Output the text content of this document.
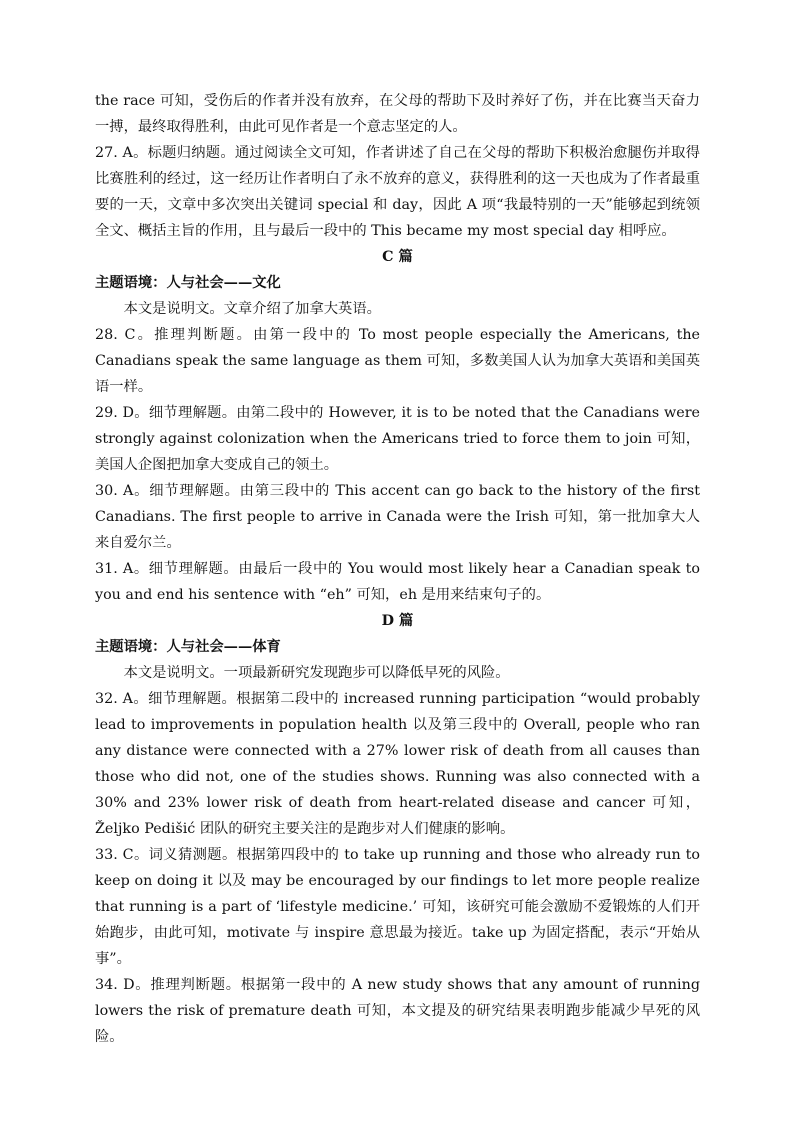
the race 可知，受伤后的作者并没有放弃，在父母的帮助下及时养好了伤，并在比赛当天奋力一搏，最终取得胜利，由此可见作者是一个意志坚定的人。

27. A。标题归纳题。通过阅读全文可知，作者讲述了自己在父母的帮助下积极治愈腿伤并取得比赛胜利的经过，这一经历让作者明白了永不放弃的意义，获得胜利的这一天也成为了作者最重要的一天，文章中多次突出关键词 special 和 day，因此 A 项“我最特别的一天”能够起到统领全文、概括主旨的作用，且与最后一段中的 This became my most special day 相呼应。

C 篇

主题语境：人与社会——文化

本文是说明文。文章介绍了加拿大英语。

28. C。推理判断题。由第一段中的 To most people especially the Americans, the Canadians speak the same language as them 可知，多数美国人认为加拿大英语和美国英语一样。

29. D。细节理解题。由第二段中的 However, it is to be noted that the Canadians were strongly against colonization when the Americans tried to force them to join 可知，美国人企图把加拿大变成自己的领土。

30. A。细节理解题。由第三段中的 This accent can go back to the history of the first Canadians. The first people to arrive in Canada were the Irish 可知，第一批加拿大人来自爱尔兰。

31. A。细节理解题。由最后一段中的 You would most likely hear a Canadian speak to you and end his sentence with “eh” 可知，eh 是用来结束句子的。

D 篇

主题语境：人与社会——体育

本文是说明文。一项最新研究发现跑步可以降低早死的风险。

32. A。细节理解题。根据第二段中的 increased running participation “would probably lead to improvements in population health 以及第三段中的 Overall, people who ran any distance were connected with a 27% lower risk of death from all causes than those who did not, one of the studies shows. Running was also connected with a 30% and 23% lower risk of death from heart-related disease and cancer 可知，Željko Pedišić 团队的研究主要关注的是跑步对人们健康的影响。

33. C。词义猜测题。根据第四段中的 to take up running and those who already run to keep on doing it 以及 may be encouraged by our findings to let more people realize that running is a part of ‘lifestyle medicine.’ 可知，该研究可能会激励不爱锻炼的人们开始跑步，由此可知，motivate 与 inspire 意思最为接近。take up 为固定搭配，表示“开始从事”。

34. D。推理判断题。根据第一段中的 A new study shows that any amount of running lowers the risk of premature death 可知，本文提及的研究结果表明跑步能减少早死的风险。
